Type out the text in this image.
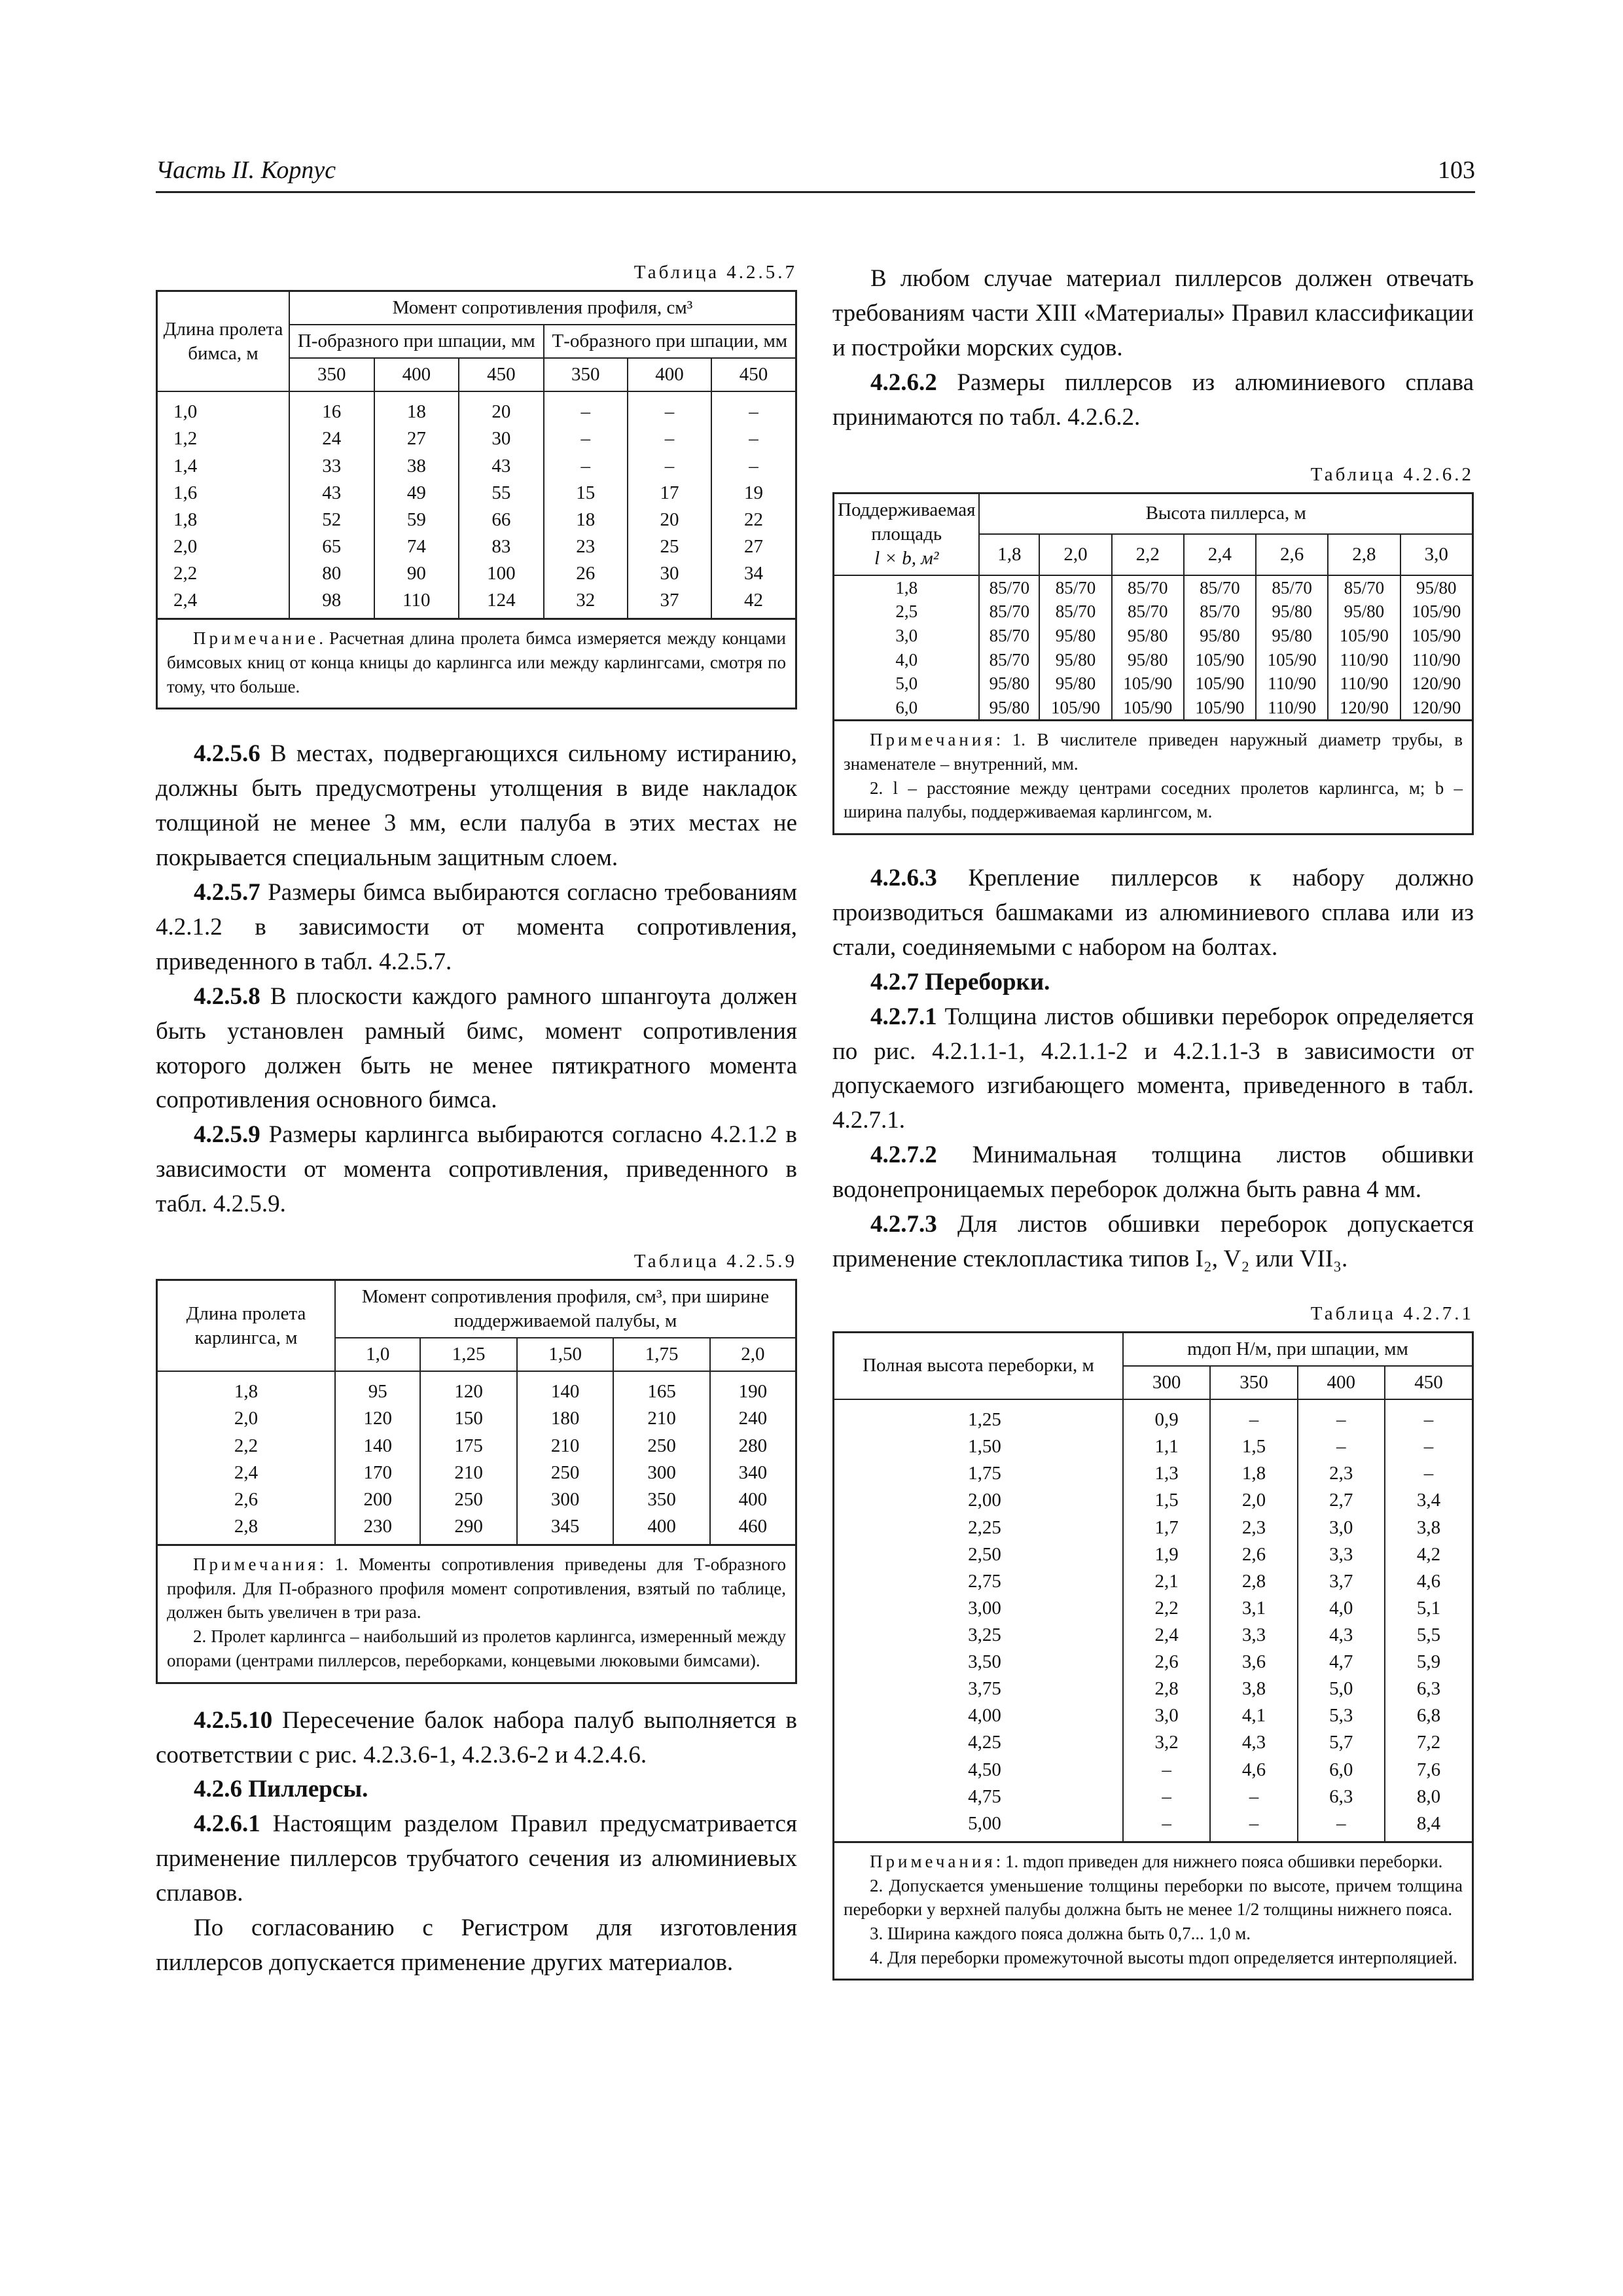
Часть II. Корпус	103
Таблица 4.2.5.7
Длина пролета бимса, м	Момент сопротивления профиля, см³					
	П-образного при шпации, мм			Т-образного при шпации, мм		
	350	400	450	350	400	450
1,0	16	18	20	–	–	–
1,2	24	27	30	–	–	–
1,4	33	38	43	–	–	–
1,6	43	49	55	15	17	19
1,8	52	59	66	18	20	22
2,0	65	74	83	23	25	27
2,2	80	90	100	26	30	34
2,4	98	110	124	32	37	42

Примечание. Расчетная длина пролета бимса измеряется между концами бимсовых книц от конца кницы до карлингса или между карлингсами, смотря по тому, что больше.

4.2.5.6 В местах, подвергающихся сильному истиранию, должны быть предусмотрены утолщения в виде накладок толщиной не менее 3 мм, если палуба в этих местах не покрывается специальным защитным слоем.

4.2.5.7 Размеры бимса выбираются согласно требованиям 4.2.1.2 в зависимости от момента сопротивления, приведенного в табл. 4.2.5.7.

4.2.5.8 В плоскости каждого рамного шпангоута должен быть установлен рамный бимс, момент сопротивления которого должен быть не менее пятикратного момента сопротивления основного бимса.

4.2.5.9 Размеры карлингса выбираются согласно 4.2.1.2 в зависимости от момента сопротивления, приведенного в табл. 4.2.5.9.

Таблица 4.2.5.9
Длина пролета карлингса, м	Момент сопротивления профиля, см³, при ширине поддерживаемой палубы, м				
	1,0	1,25	1,50	1,75	2,0
1,8	95	120	140	165	190
2,0	120	150	180	210	240
2,2	140	175	210	250	280
2,4	170	210	250	300	340
2,6	200	250	300	350	400
2,8	230	290	345	400	460

Примечания: 1. Моменты сопротивления приведены для Т-образного профиля. Для П-образного профиля момент сопротивления, взятый по таблице, должен быть увеличен в три раза.

2. Пролет карлингса – наибольший из пролетов карлингса, измеренный между опорами (центрами пиллерсов, переборками, концевыми люковыми бимсами).

4.2.5.10 Пересечение балок набора палуб выполняется в соответствии с рис. 4.2.3.6-1, 4.2.3.6-2 и 4.2.4.6.

4.2.6 Пиллерсы.

4.2.6.1 Настоящим разделом Правил предусматривается применение пиллерсов трубчатого сечения из алюминиевых сплавов.

По согласованию с Регистром для изготовления пиллерсов допускается применение других материалов.

В любом случае материал пиллерсов должен отвечать требованиям части XIII «Материалы» Правил классификации и постройки морских судов.

4.2.6.2 Размеры пиллерсов из алюминиевого сплава принимаются по табл. 4.2.6.2.

Таблица 4.2.6.2
Поддерживаемая площадь
l × b, м²	Высота пиллерса, м						
	1,8	2,0	2,2	2,4	2,6	2,8	3,0
1,8	85/70	85/70	85/70	85/70	85/70	85/70	95/80
2,5	85/70	85/70	85/70	85/70	95/80	95/80	105/90
3,0	85/70	95/80	95/80	95/80	95/80	105/90	105/90
4,0	85/70	95/80	95/80	105/90	105/90	110/90	110/90
5,0	95/80	95/80	105/90	105/90	110/90	110/90	120/90
6,0	95/80	105/90	105/90	105/90	110/90	120/90	120/90

Примечания: 1. В числителе приведен наружный диаметр трубы, в знаменателе – внутренний, мм.

2. l – расстояние между центрами соседних пролетов карлингса, м; b – ширина палубы, поддерживаемая карлингсом, м.

4.2.6.3 Крепление пиллерсов к набору должно производиться башмаками из алюминиевого сплава или из стали, соединяемыми с набором на болтах.

4.2.7 Переборки.

4.2.7.1 Толщина листов обшивки переборок определяется по рис. 4.2.1.1-1, 4.2.1.1-2 и 4.2.1.1-3 в зависимости от допускаемого изгибающего момента, приведенного в табл. 4.2.7.1.

4.2.7.2 Минимальная толщина листов обшивки водонепроницаемых переборок должна быть равна 4 мм.

4.2.7.3 Для листов обшивки переборок допускается применение стеклопластика типов I₂, V₂ или VII₃.

Таблица 4.2.7.1
Полная высота переборки, м	mдоп Н/м, при шпации, мм			
	300	350	400	450
1,25	0,9	–	–	–
1,50	1,1	1,5	–	–
1,75	1,3	1,8	2,3	–
2,00	1,5	2,0	2,7	3,4
2,25	1,7	2,3	3,0	3,8
2,50	1,9	2,6	3,3	4,2
2,75	2,1	2,8	3,7	4,6
3,00	2,2	3,1	4,0	5,1
3,25	2,4	3,3	4,3	5,5
3,50	2,6	3,6	4,7	5,9
3,75	2,8	3,8	5,0	6,3
4,00	3,0	4,1	5,3	6,8
4,25	3,2	4,3	5,7	7,2
4,50	–	4,6	6,0	7,6
4,75	–	–	6,3	8,0
5,00	–	–	–	8,4

Примечания: 1. mдоп приведен для нижнего пояса обшивки переборки.

2. Допускается уменьшение толщины переборки по высоте, причем толщина переборки у верхней палубы должна быть не менее 1/2 толщины нижнего пояса.

3. Ширина каждого пояса должна быть 0,7... 1,0 м.

4. Для переборки промежуточной высоты mдоп определяется интерполяцией.
